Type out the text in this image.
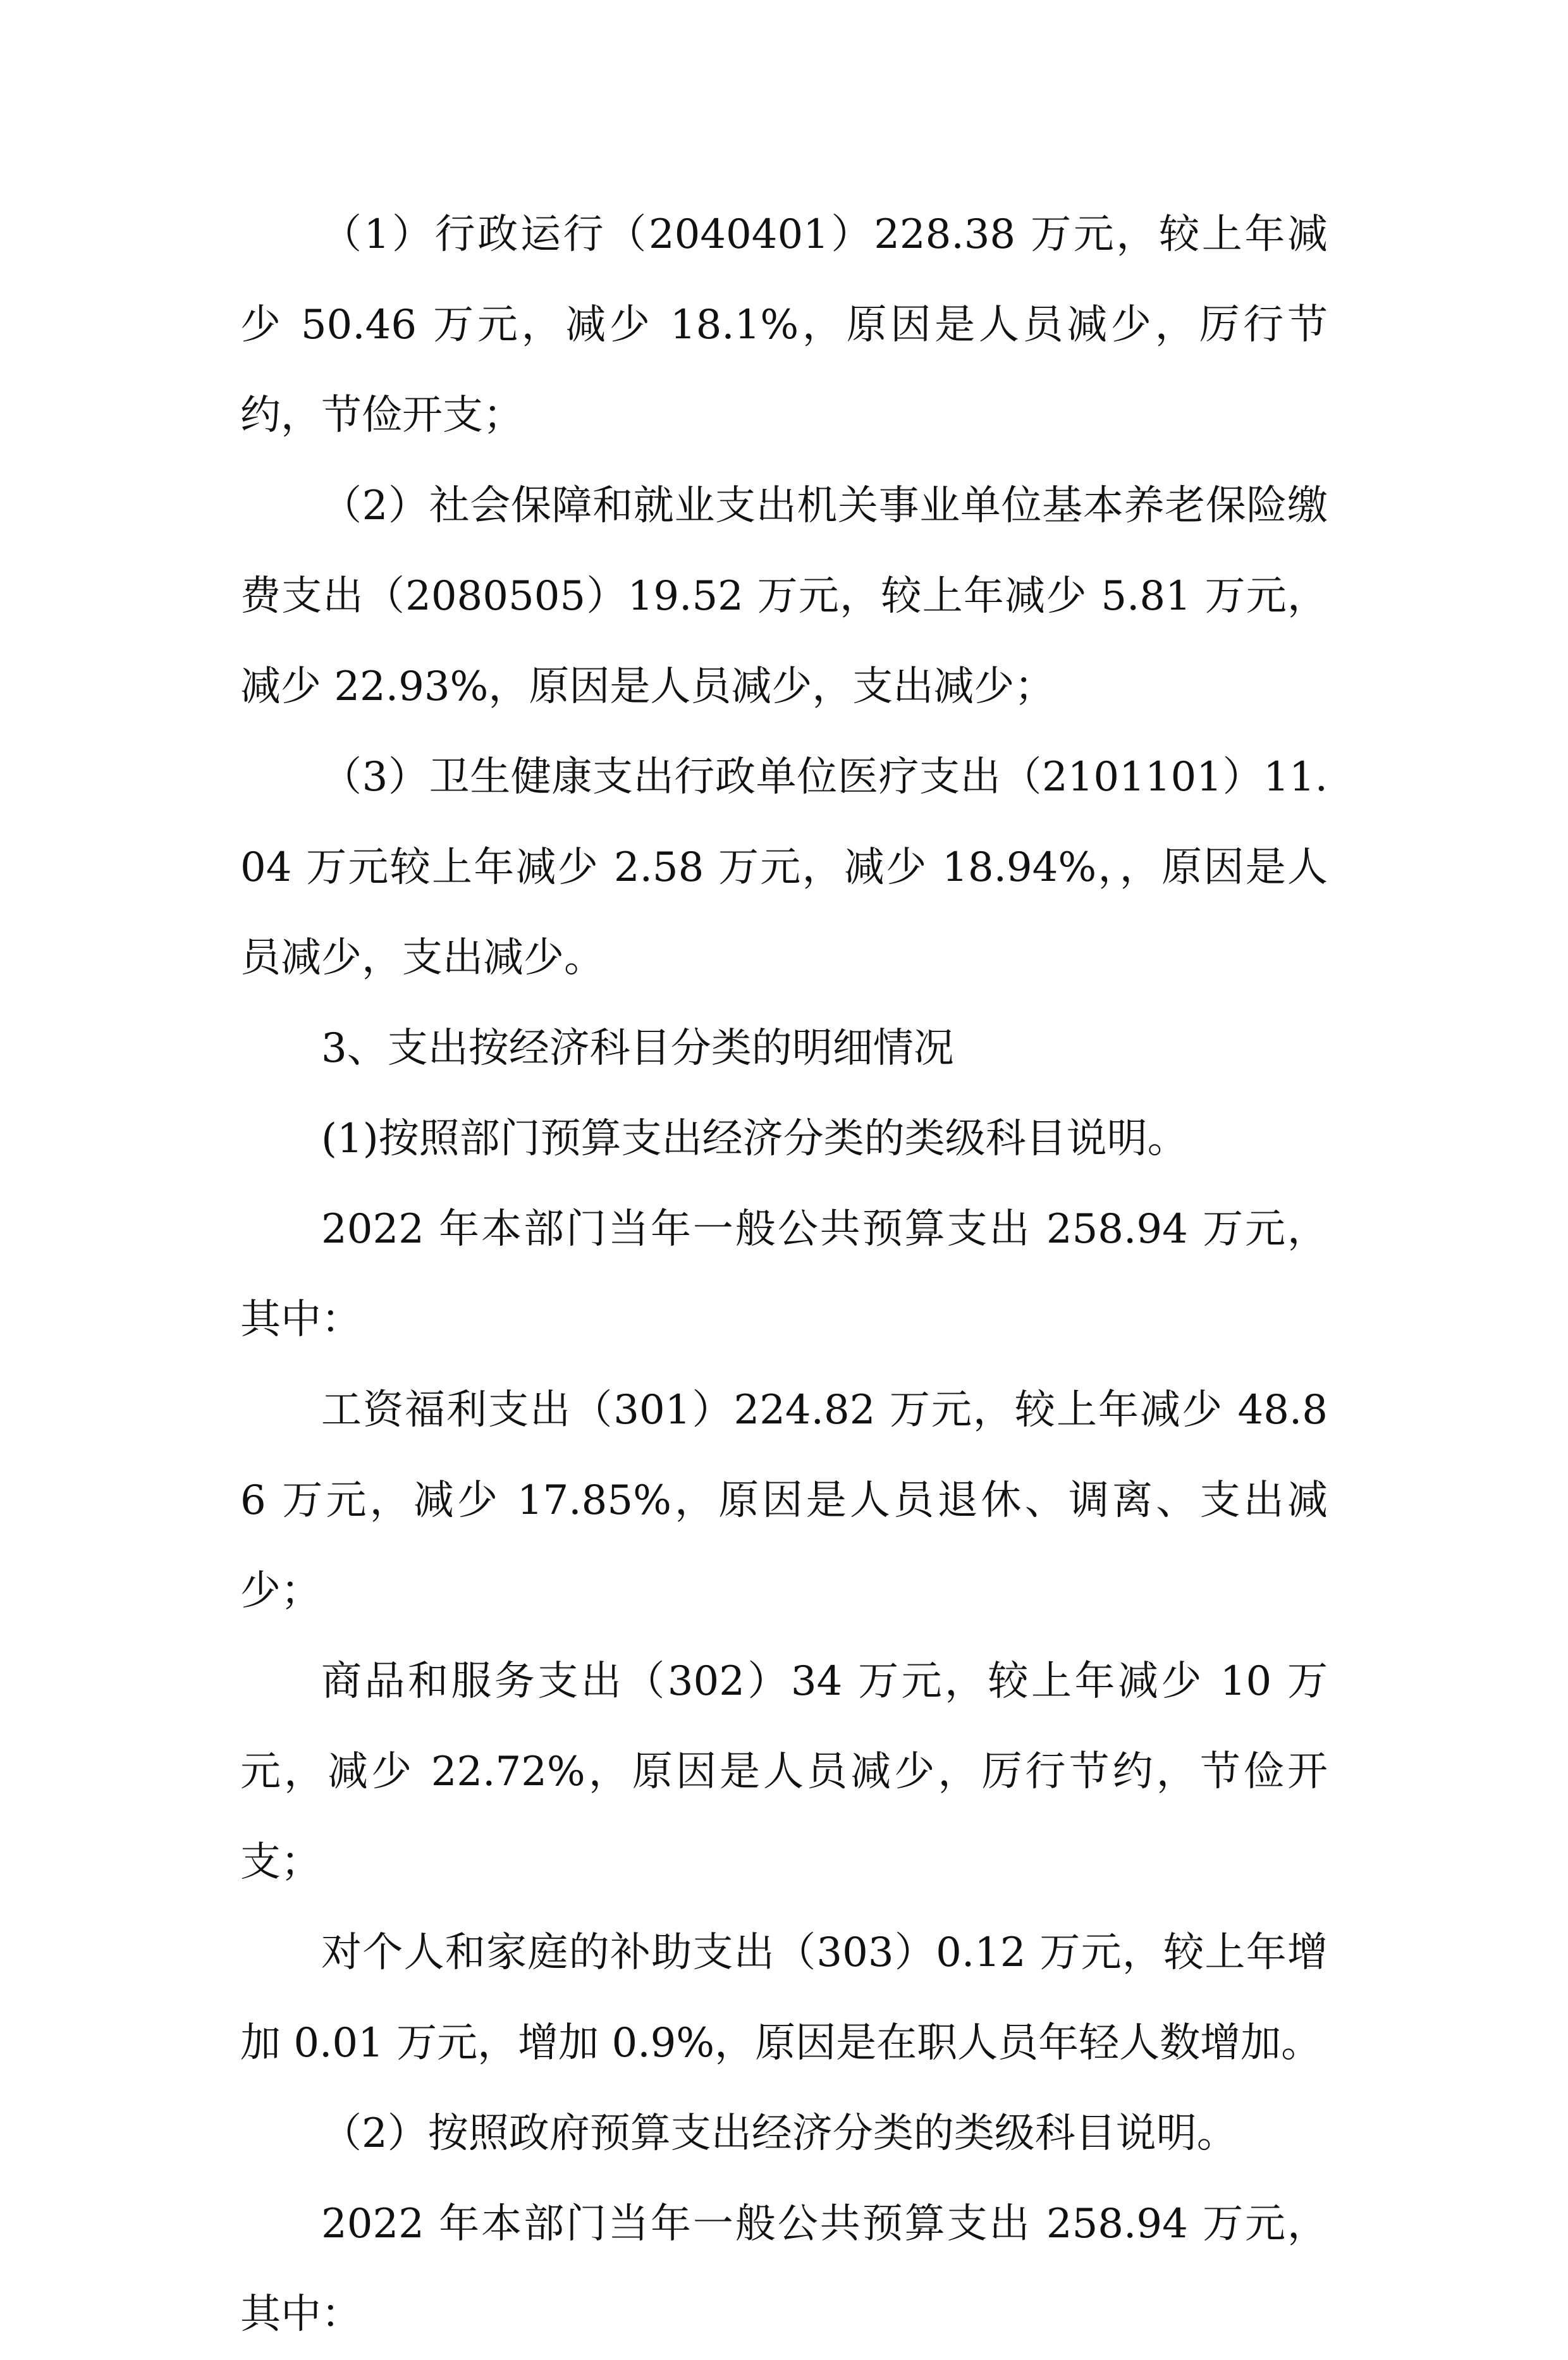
（1）行政运行（2040401）228.38 万元，较上年减少 50.46 万元，减少 18.1%，原因是人员减少，厉行节约，节俭开支；

（2）社会保障和就业支出机关事业单位基本养老保险缴费支出（2080505）19.52 万元，较上年减少 5.81 万元，减少 22.93%，原因是人员减少，支出减少；

（3）卫生健康支出行政单位医疗支出（2101101）11.04 万元较上年减少 2.58 万元，减少 18.94%，，原因是人员减少，支出减少。

3、支出按经济科目分类的明细情况

(1)按照部门预算支出经济分类的类级科目说明。

2022 年本部门当年一般公共预算支出 258.94 万元，其中：

工资福利支出（301）224.82 万元，较上年减少 48.86 万元，减少 17.85%，原因是人员退休、调离、支出减少；

商品和服务支出（302）34 万元，较上年减少 10 万元，减少 22.72%，原因是人员减少，厉行节约，节俭开支；

对个人和家庭的补助支出（303）0.12 万元，较上年增加 0.01 万元，增加 0.9%，原因是在职人员年轻人数增加。

（2）按照政府预算支出经济分类的类级科目说明。

2022 年本部门当年一般公共预算支出 258.94 万元，其中：
